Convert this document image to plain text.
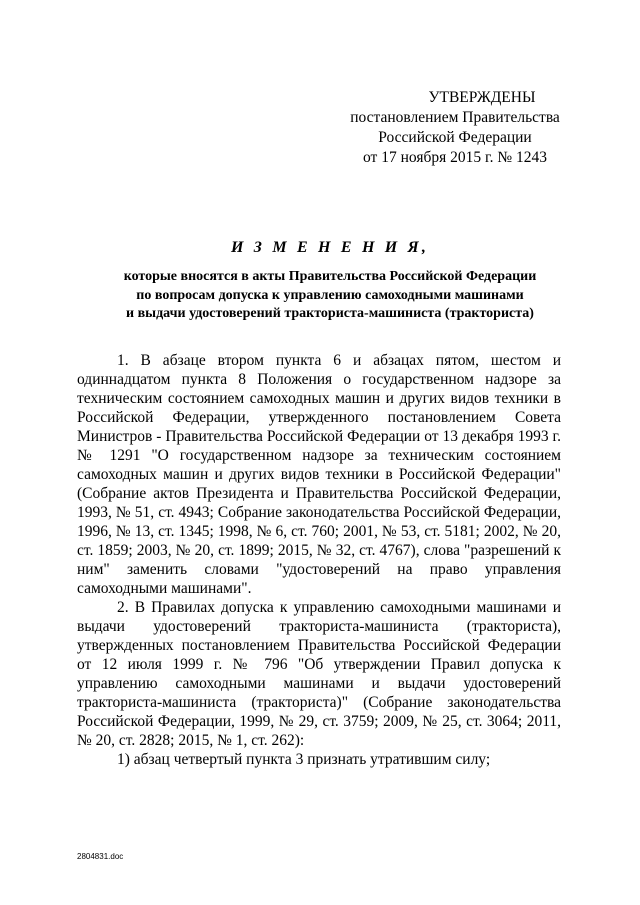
УТВЕРЖДЕНЫ
постановлением Правительства
Российской Федерации
от 17 ноября 2015 г. № 1243
И З М Е Н Е Н И Я,
которые вносятся в акты Правительства Российской Федерации
по вопросам допуска к управлению самоходными машинами
и выдачи удостоверений тракториста-машиниста (тракториста)

1. В абзаце втором пункта 6 и абзацах пятом, шестом и одиннадцатом пункта 8 Положения о государственном надзоре за техническим состоянием самоходных машин и других видов техники в Российской Федерации, утвержденного постановлением Совета Министров - Правительства Российской Федерации от 13 декабря 1993 г. № 1291 "О государственном надзоре за техническим состоянием самоходных машин и других видов техники в Российской Федерации" (Собрание актов Президента и Правительства Российской Федерации, 1993, № 51, ст. 4943; Собрание законодательства Российской Федерации, 1996, № 13, ст. 1345; 1998, № 6, ст. 760; 2001, № 53, ст. 5181; 2002, № 20, ст. 1859; 2003, № 20, ст. 1899; 2015, № 32, ст. 4767), слова "разрешений к ним" заменить словами "удостоверений на право управления самоходными машинами".

2. В Правилах допуска к управлению самоходными машинами и выдачи удостоверений тракториста-машиниста (тракториста), утвержденных постановлением Правительства Российской Федерации от 12 июля 1999 г. № 796 "Об утверждении Правил допуска к управлению самоходными машинами и выдачи удостоверений тракториста-машиниста (тракториста)" (Собрание законодательства Российской Федерации, 1999, № 29, ст. 3759; 2009, № 25, ст. 3064; 2011, № 20, ст. 2828; 2015, № 1, ст. 262):

1) абзац четвертый пункта 3 признать утратившим силу;

2804831.doc
